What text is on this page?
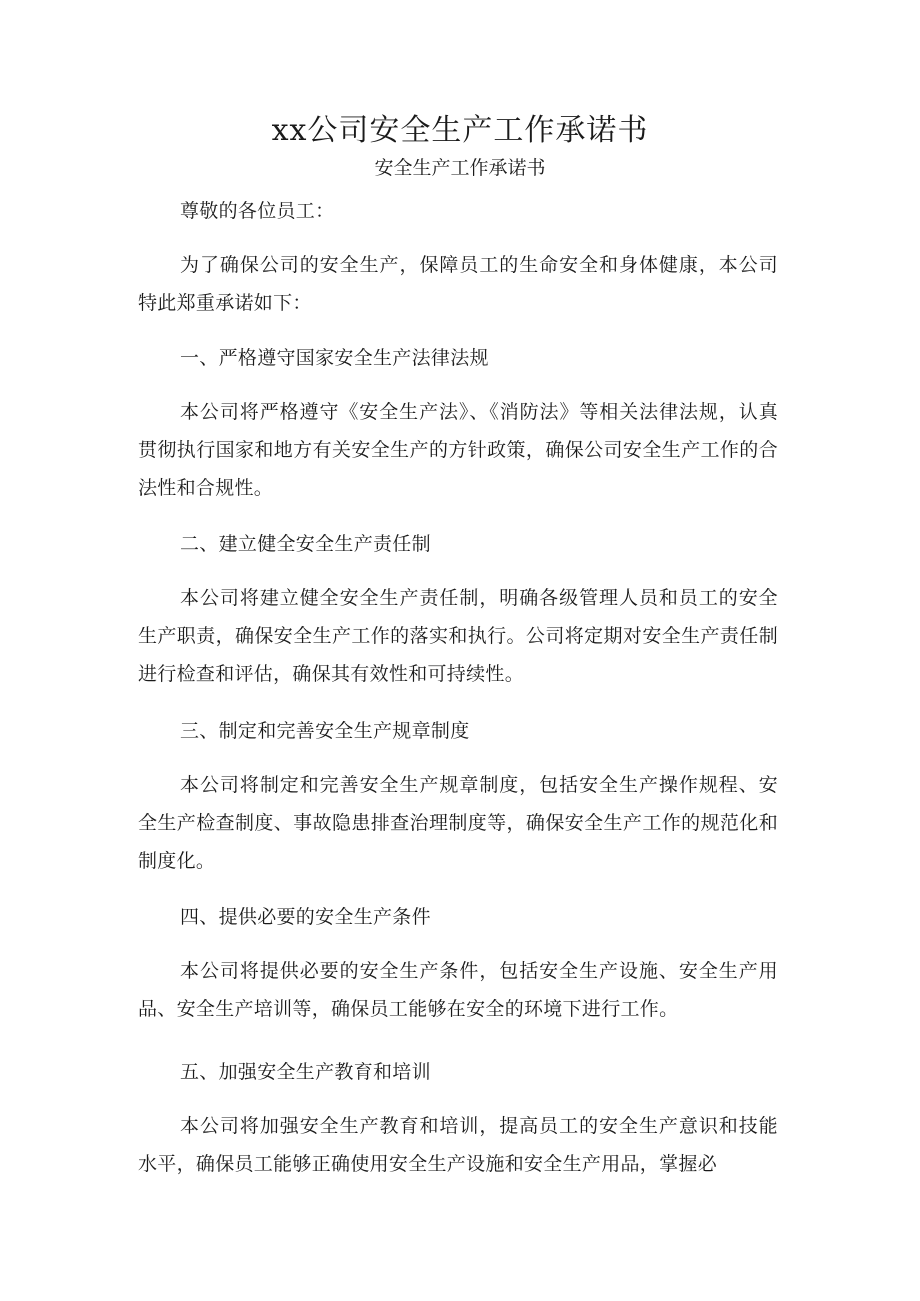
xx公司安全生产工作承诺书
安全生产工作承诺书

尊敬的各位员工：

为了确保公司的安全生产，保障员工的生命安全和身体健康，本公司特此郑重承诺如下：

一、严格遵守国家安全生产法律法规

本公司将严格遵守《安全生产法》、《消防法》等相关法律法规，认真贯彻执行国家和地方有关安全生产的方针政策，确保公司安全生产工作的合法性和合规性。

二、建立健全安全生产责任制

本公司将建立健全安全生产责任制，明确各级管理人员和员工的安全生产职责，确保安全生产工作的落实和执行。公司将定期对安全生产责任制进行检查和评估，确保其有效性和可持续性。

三、制定和完善安全生产规章制度

本公司将制定和完善安全生产规章制度，包括安全生产操作规程、安全生产检查制度、事故隐患排查治理制度等，确保安全生产工作的规范化和制度化。

四、提供必要的安全生产条件

本公司将提供必要的安全生产条件，包括安全生产设施、安全生产用品、安全生产培训等，确保员工能够在安全的环境下进行工作。

五、加强安全生产教育和培训

本公司将加强安全生产教育和培训，提高员工的安全生产意识和技能水平，确保员工能够正确使用安全生产设施和安全生产用品，掌握必
